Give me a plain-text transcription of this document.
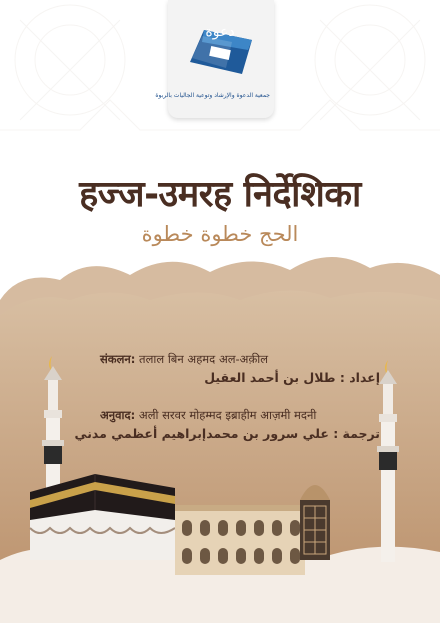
دعوة
جمعية الدعوة والإرشاد وتوعية الجاليات بالربوة
हज्ज-उमरह निर्देशिका
الحج خطوة خطوة
संकलन: तलाल बिन अहमद अल-अक़ील
إعداد : طلال بن أحمد العقيل
अनुवाद: अली सरवर मोहम्मद इब्राहीम आज़मी मदनी
ترجمة : علي سرور بن محمدإبراهيم أعظمي مدني
